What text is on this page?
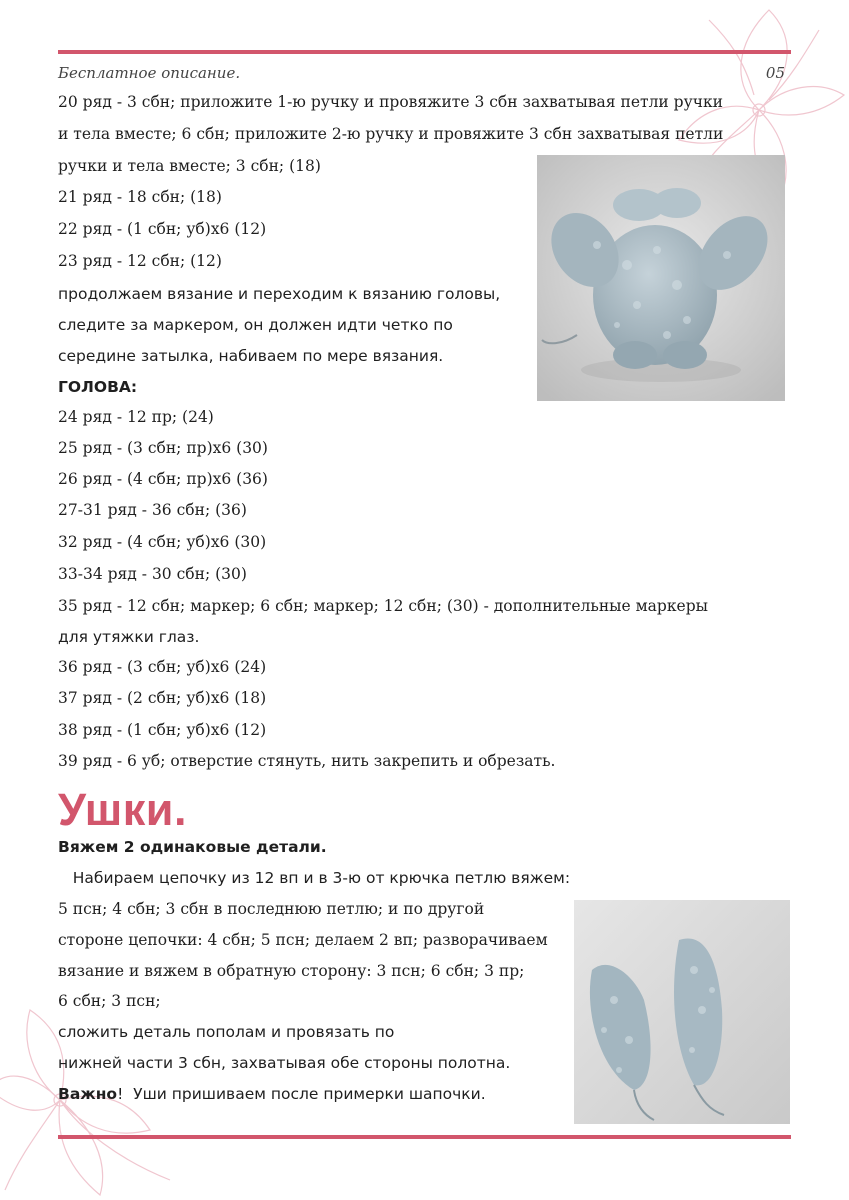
Бесплатное описание.	05
20 ряд - 3 сбн; приложите 1-ю ручку и провяжите 3 сбн захватывая петли ручки
и тела вместе; 6 сбн; приложите 2-ю ручку и провяжите 3 сбн захватывая петли
ручки и тела вместе; 3 сбн; (18)
21 ряд - 18 сбн; (18)
22 ряд - (1 сбн; уб)х6 (12)
23 ряд - 12 сбн; (12)
продолжаем вязание и переходим к вязанию головы,
следите за маркером, он должен идти четко по
середине затылка, набиваем по мере вязания.
ГОЛОВА:
24 ряд - 12 пр; (24)
25 ряд - (3 сбн; пр)х6 (30)
26 ряд - (4 сбн; пр)х6 (36)
27-31 ряд - 36 сбн; (36)
32 ряд - (4 сбн; уб)х6 (30)
33-34 ряд - 30 сбн; (30)
35 ряд - 12 сбн; маркер; 6 сбн; маркер; 12 сбн; (30) - дополнительные маркеры
для утяжки глаз.
36 ряд - (3 сбн; уб)х6 (24)
37 ряд - (2 сбн; уб)х6 (18)
38 ряд - (1 сбн; уб)х6 (12)
39 ряд - 6 уб; отверстие стянуть, нить закрепить и обрезать.
Ушки.
Вяжем 2 одинаковые детали.
Набираем цепочку из 12 вп и в 3-ю от крючка петлю вяжем:
5 псн; 4 сбн; 3 сбн в последнюю петлю; и по другой
стороне цепочки: 4 сбн; 5 псн; делаем 2 вп; разворачиваем
вязание и вяжем в обратную сторону: 3 псн; 6 сбн; 3 пр;
6 сбн; 3 псн;
сложить деталь пополам и провязать по
нижней части 3 сбн, захватывая обе стороны полотна.
Важно!  Уши пришиваем после примерки шапочки.
